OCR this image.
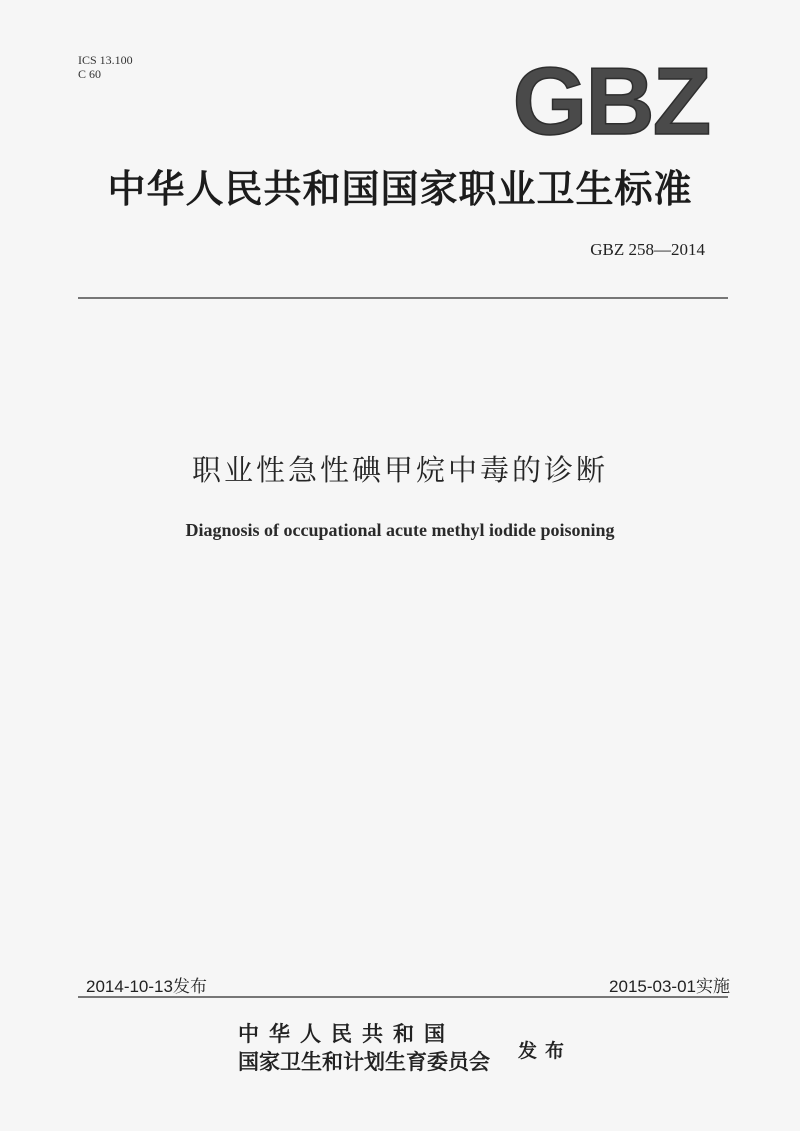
ICS 13.100
C 60	GBZ
中华人民共和国国家职业卫生标准
GBZ 258—2014
职业性急性碘甲烷中毒的诊断
Diagnosis of occupational acute methyl iodide poisoning
2014-10-13发布	2015-03-01实施
中华人民共和国
国家卫生和计划生育委员会 发布
